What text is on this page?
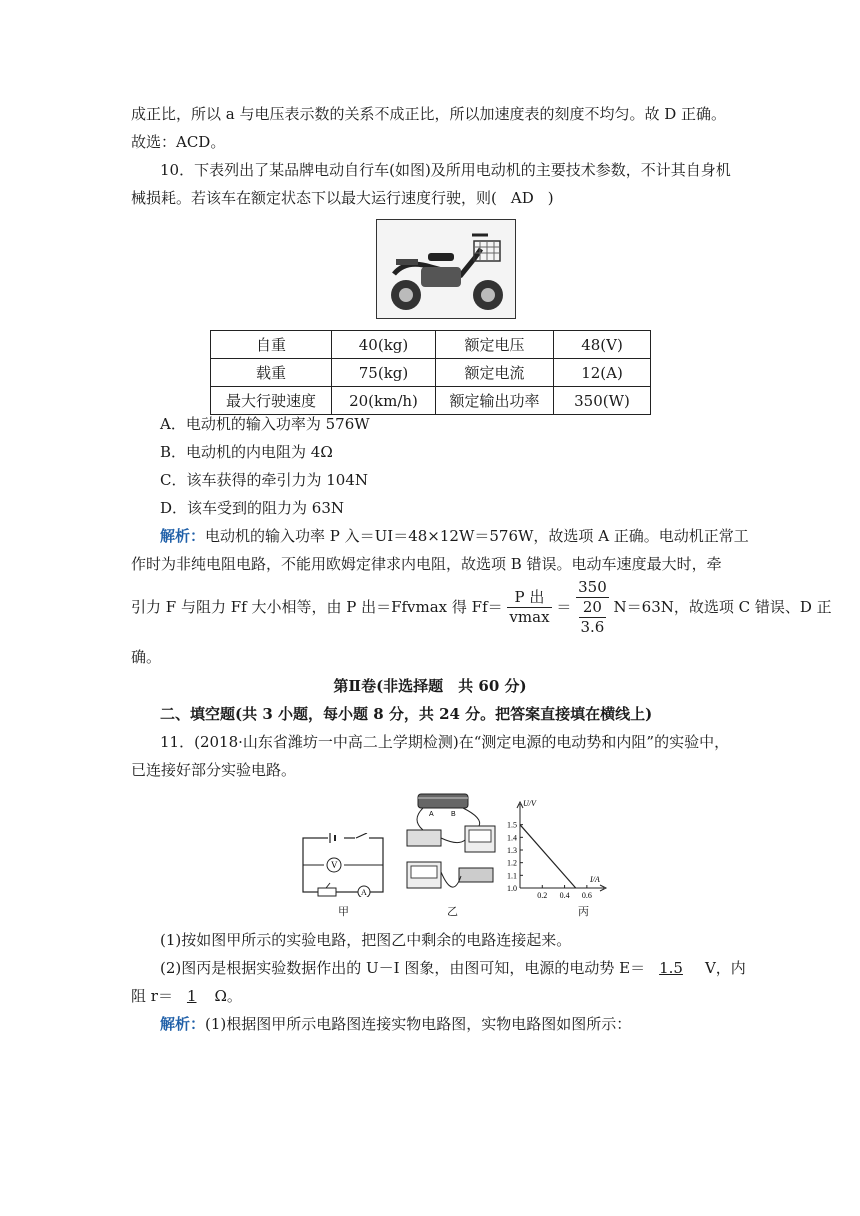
成正比，所以 a 与电压表示数的关系不成正比，所以加速度表的刻度不均匀。故 D 正确。
故选：ACD。
10．下表列出了某品牌电动自行车(如图)及所用电动机的主要技术参数，不计其自身机
械损耗。若该车在额定状态下以最大运行速度行驶，则( AD )
自重	40(kg)	额定电压	48(V)
载重	75(kg)	额定电流	12(A)
最大行驶速度	20(km/h)	额定输出功率	350(W)
A．电动机的输入功率为 576W
B．电动机的内电阻为 4Ω
C．该车获得的牵引力为 104N
D．该车受到的阻力为 63N
解析：电动机的输入功率 P 入＝UI＝48×12W＝576W，故选项 A 正确。电动机正常工
作时为非纯电阻电路，不能用欧姆定律求内电阻，故选项 B 错误。电动车速度最大时，牵
引力 F 与阻力 Ff 大小相等，由 P 出＝Ffvmax 得 $Ff= \frac{\text{P 出}}{vmax} = \frac{350}{\frac{20}{3.6}} N=63N$，故选项 C 错误、D 正
确。
第Ⅱ卷(非选择题　共 60 分)
二、填空题(共 3 小题，每小题 8 分，共 24 分。把答案直接填在横线上)
11．(2018·山东省潍坊一中高二上学期检测)在“测定电源的电动势和内阻”的实验中，
已连接好部分实验电路。
V
A
甲
A B
乙
1.5
1.4
1.3
1.2
1.1
1.0
0.2 0.4 0.6
U/V
I/A
丙
(1)按如图甲所示的实验电路，把图乙中剩余的电路连接起来。
(2)图丙是根据实验数据作出的 U－I 图象，由图可知，电源的电动势 E＝ 1.5 V，内
阻 r＝ 1 Ω。
解析：(1)根据图甲所示电路图连接实物电路图，实物电路图如图所示：
